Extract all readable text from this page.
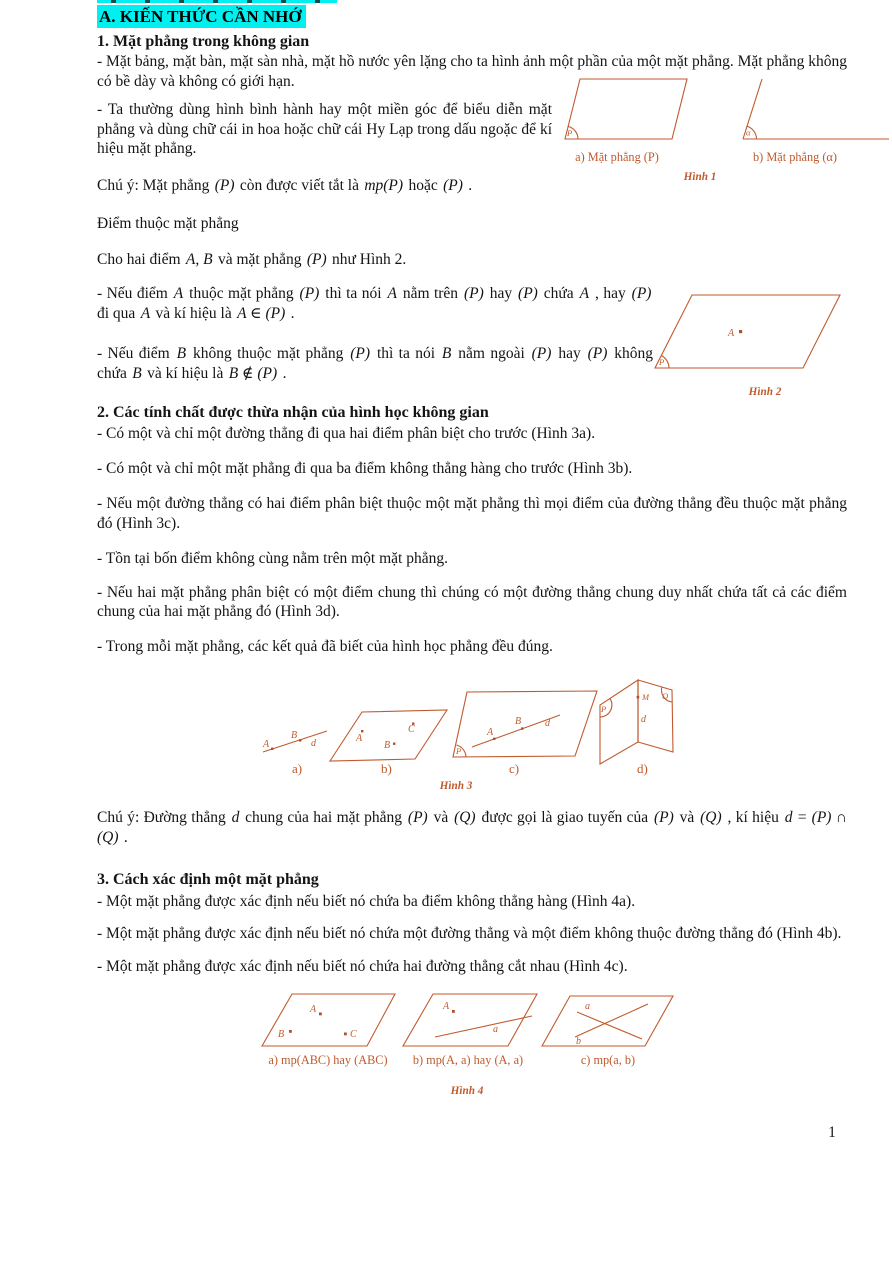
A. KIẾN THỨC CẦN NHỚ
1. Mặt phẳng trong không gian
- Mặt bảng, mặt bàn, mặt sàn nhà, mặt hồ nước yên lặng cho ta hình ảnh một phần của một mặt phẳng. Mặt phẳng không có bề dày và không có giới hạn.
- Ta thường dùng hình bình hành hay một miền góc để biểu diễn mặt phẳng và dùng chữ cái in hoa hoặc chữ cái Hy Lạp trong dấu ngoặc để kí hiệu mặt phẳng.
Chú ý: Mặt phẳng (P) còn được viết tắt là mp(P) hoặc (P) .
Điểm thuộc mặt phẳng
Cho hai điểm A, B và mặt phẳng (P) như Hình 2.
- Nếu điểm A thuộc mặt phẳng (P) thì ta nói A nằm trên (P) hay (P) chứa A , hay (P) đi qua A và kí hiệu là A ∈ (P) .
- Nếu điểm B không thuộc mặt phẳng (P) thì ta nói B nằm ngoài (P) hay (P) không chứa B và kí hiệu là B ∉ (P) .
2. Các tính chất được thừa nhận của hình học không gian
- Có một và chỉ một đường thẳng đi qua hai điểm phân biệt cho trước (Hình 3a).
- Có một và chỉ một mặt phẳng đi qua ba điểm không thẳng hàng cho trước (Hình 3b).
- Nếu một đường thẳng có hai điểm phân biệt thuộc một mặt phẳng thì mọi điểm của đường thẳng đều thuộc mặt phẳng đó (Hình 3c).
- Tồn tại bốn điểm không cùng nằm trên một mặt phẳng.
- Nếu hai mặt phẳng phân biệt có một điểm chung thì chúng có một đường thẳng chung duy nhất chứa tất cả các điểm chung của hai mặt phẳng đó (Hình 3d).
- Trong mỗi mặt phẳng, các kết quả đã biết của hình học phẳng đều đúng.
A
B
d
a)
A
B
C
b)
P
A
B d
c)
P
Q
M
d
d)
Hình 3
Chú ý: Đường thẳng d chung của hai mặt phẳng (P) và (Q) được gọi là giao tuyến của (P) và (Q) , kí hiệu d = (P) ∩ (Q) .
3. Cách xác định một mặt phẳng
- Một mặt phẳng được xác định nếu biết nó chứa ba điểm không thẳng hàng (Hình 4a).
- Một mặt phẳng được xác định nếu biết nó chứa một đường thẳng và một điểm không thuộc đường thẳng đó (Hình 4b).
- Một mặt phẳng được xác định nếu biết nó chứa hai đường thẳng cắt nhau (Hình 4c).
A
B	C
a) mp(ABC) hay (ABC)
A
a
b) mp(A, a) hay (A, a)
a
b
c) mp(a, b)
Hình 4
P
a) Mặt phẳng (P)
α
b) Mặt phẳng (α)
Hình 1
P
A
Hình 2
1
